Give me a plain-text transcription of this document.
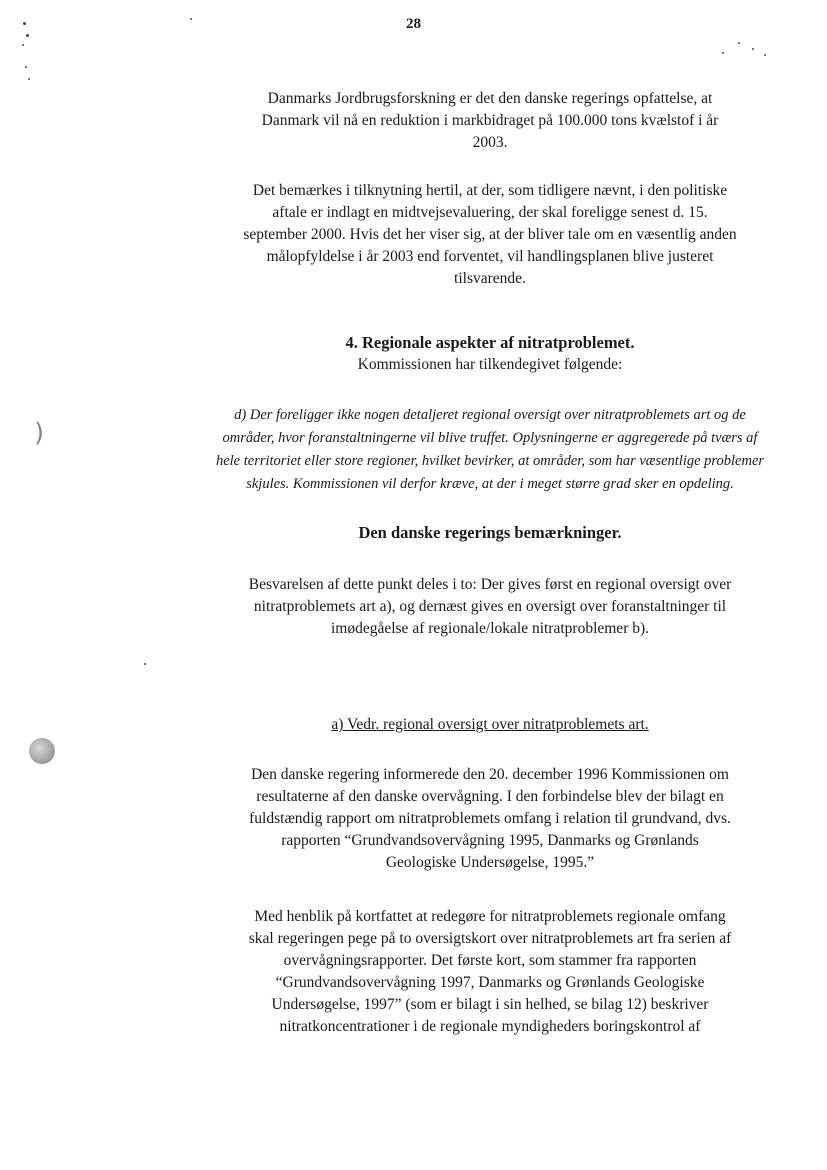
28
)
Danmarks Jordbrugsforskning er det den danske regerings opfattelse, at
Danmark vil nå en reduktion i markbidraget på 100.000 tons kvælstof i år
2003.
Det bemærkes i tilknytning hertil, at der, som tidligere nævnt, i den politiske
aftale er indlagt en midtvejsevaluering, der skal foreligge senest d. 15.
september 2000. Hvis det her viser sig, at der bliver tale om en væsentlig anden
målopfyldelse i år 2003 end forventet, vil handlingsplanen blive justeret
tilsvarende.
4. Regionale aspekter af nitratproblemet.
Kommissionen har tilkendegivet følgende:
d) Der foreligger ikke nogen detaljeret regional oversigt over nitratproblemets art og de
områder, hvor foranstaltningerne vil blive truffet. Oplysningerne er aggregerede på tværs af
hele territoriet eller store regioner, hvilket bevirker, at områder, som har væsentlige problemer
skjules. Kommissionen vil derfor kræve, at der i meget større grad sker en opdeling.
Den danske regerings bemærkninger.
Besvarelsen af dette punkt deles i to: Der gives først en regional oversigt over
nitratproblemets art a), og dernæst gives en oversigt over foranstaltninger til
imødegåelse af regionale/lokale nitratproblemer b).
a) Vedr. regional oversigt over nitratproblemets art.
Den danske regering informerede den 20. december 1996 Kommissionen om
resultaterne af den danske overvågning. I den forbindelse blev der bilagt en
fuldstændig rapport om nitratproblemets omfang i relation til grundvand, dvs.
rapporten “Grundvandsovervågning 1995, Danmarks og Grønlands
Geologiske Undersøgelse, 1995.”
Med henblik på kortfattet at redegøre for nitratproblemets regionale omfang
skal regeringen pege på to oversigtskort over nitratproblemets art fra serien af
overvågningsrapporter. Det første kort, som stammer fra rapporten
“Grundvandsovervågning 1997, Danmarks og Grønlands Geologiske
Undersøgelse, 1997” (som er bilagt i sin helhed, se bilag 12) beskriver
nitratkoncentrationer i de regionale myndigheders boringskontrol af
